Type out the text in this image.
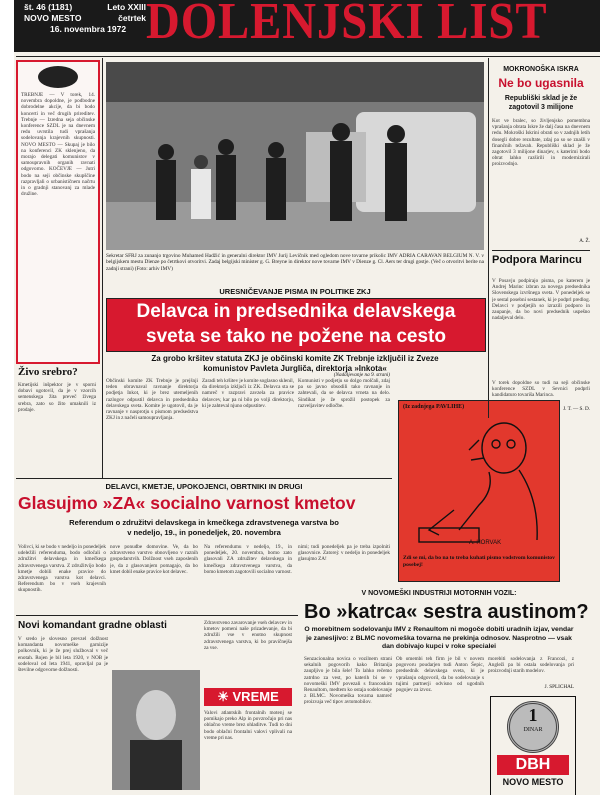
št. 46 (1181)	Leto XXIII
NOVO MESTO	četrtek
16. novembra 1972 DOLENJSKI LIST
TREBNJE — V torek, 14. novembra dopoldne, je podbodne dobrodelne akcije, da bi bodo koncerti in več drugih prireditev. Trebnje — Izredna seja občinske konference SZDL je na dnevnem redu uvrstila tudi vprašanja sodelovanja krajevnih skupnosti. NOVO MESTO — Skupaj je bilo na konferenci ZK sklenjeno, da morajo delegati komunistov v samoupravnih organih ravnati odgovorno. KOČEVJE — Jutri bodo na seji občinske skupščine razpravljali o urbanističnem načrtu in o gradnji stanovanj za mlade družine.
Živo srebro?
Kmetijski inšpektor je v sporni dobavi ugotovil, da je v vzorcih semenskega žita preveč živega srebra, zato so žito umaknili iz prodaje.
Sekretar SFRJ za zunanjo trgovino Muhamed Hadžić in generalni direktor IMV Jurij Levičnik med ogledom nove tovarne prikolic IMV ADRIA CARAVAN BELGIUM N. V. v belgijskem mestu Dienze po četrtkovi otvoritvi. Zadaj belgijski minister g. G. Breyne in direktor nove tovarne IMV v Dienze g. Cl. Aers ter drugi gostje. (Več o otvoritvi berite na zadnji strani) (Foto: arhiv IMV)
URESNIČEVANJE PISMA IN POLITIKE ZKJ
Delavca in predsednika delavskega
sveta se tako ne požene na cesto
Za grobo kršitev statuta ZKJ je občinski komite ZK Trebnje izključil iz Zveze
komunistov Pavleta Jurgliča, direktorja »Inkota«
Občinski komite ZK Trebnje je prejšnji teden obravnaval ravnanje direktorja podjetja Inkot, ki je brez utemeljenih razlogov odpustil delavca in predsednika delavskega sveta. Komite je ugotovil, da je ravnanje v nasprotju s pismom predsedstva ZKJ in z načeli samoupravljanja.
Zaradi teh kršitev je komite soglasno sklenil, da direktorja izključi iz ZK. Delavca sta se namreč v razpravi zavzela za pravice delavcev, kar pa ni bilo po volji direktorju, ki je zahteval njuno odpustitev.
Komunisti v podjetju so dolgo molčali, zdaj pa so javno obsodili tako ravnanje in zahtevali, da se delavca vrneta na delo. Sindikat je že sprožil postopek za razveljavitev odločbe.
(Nadaljevanje na 9. strani)
(Iz zadnjega PAVLIHE)
A. HORVAK
Zdi se mi, da bo na to treba kuhati pismo vodstvom komunistov posebej!
DELAVCI, KMETJE, UPOKOJENCI, OBRTNIKI IN DRUGI
Glasujmo »ZA« socialno varnost kmetov
Referendum o združitvi delavskega in kmečkega zdravstvenega varstva bo
v nedeljo, 19., in ponedeljek, 20. novembra
Volivci, ki se bodo v nedeljo in ponedeljek udeležili referenduma, bodo odločali o združitvi delavskega in kmečkega zdravstvenega varstva. Z združitvijo bodo kmetje dobili enake pravice do zdravstvenega varstva kot delavci. Referendum bo v vseh krajevnih skupnostih.
nove ponudbe domovine. Ve, da bo zdravstveno varstvo obnovljeno v raznih gospodarstvih. Dolžnost vseh zaposlenih je, da z glasovanjem pomagajo, da bo kmet dobil enake pravice kot delavec.
Na referendumu v nedeljo, 19., in ponedeljek, 20. novembra, bomo zato glasovali ZA združitev delavskega in kmečkega zdravstvenega varstva, da bomo kmetom zagotovili socialno varnost.
nimi; tudi ponedeljek pa je treba izpolniti glasovnice. Zatorej: v nedeljo in ponedeljek glasujmo ZA!
Novi komandant gradne oblasti
V sredo je slovesno prevzel dolžnost komandanta novomeške garnizije polkovnik, ki je že prej služboval v več enotah. Rojen je bil leta 1920, v NOB je sodeloval od leta 1941, opravljal pa je številne odgovorne dolžnosti.
Zdravstveno zavarovanje vseh delavcev in kmetov pomeni naše prizadevanje, da bi združili vse v enotno skupnost zdravstvenega varstva, ki bo pravičnejša za vse.
☀ VREME
Valovi atlantskih frontalnih motenj se pomikajo preko Alp in povzročajo pri nas oblačno vreme brez ohladitve. Tudi to dni bodo oblačni frontalni valovi vplivali na vreme pri nas.
V NOVOMEŠKI INDUSTRIJI MOTORNIH VOZIL:
Bo »katrca« sestra austinom?
O morebitnem sodelovanju IMV z Renaultom ni mogoče dobiti uradnih izjav, vendar je zanesljivo: z BLMC novomeška tovarna ne prekinja odnosov. Nasprotno — vsak dan dobivajo kupci v roke specialei
Senzacionalna novica o vozilnem strani sekalnih pogovorih kako Britanija zaupljivo je bila šele! To lahko rečemo zatrdno za vest, po katerih bi se v novomeški IMV povezali s francoskim Renaultom, medtem ko ostaja sodelovanje z BLMC. Novomeška tovarna namreč proizvaja več tipov avtomobilov.
Ob omembi teh firm je bil v novem pogovoru poudarjen tudi Anton Šepic, predsednik delavskega sveta, ki je vprašanju odgovoril, da bo sodelovanje s tujimi partnerji odvisno od ugodnih pogojev za izvoz.
morebiti sodelovanja z Francozi, z Angleži pa bi ostala sodelovanja pri proizvodnji starih modelov.
J. SPLICHAL
1
DINAR
DBH
NOVO MESTO
MOKRONOŠKA ISKRA
Ne bo ugasnila
Republiški sklad je že zagotovil 3 milijone
Kot ve bralec, so življenjsko pomembna vprašanja obrata Iskre že dalj časa na dnevnem redu. Mokroški Iskrini obrati so v zadnjih letih dosegli dobre rezultate, zdaj pa so se znašli v finančnih težavah. Republiški sklad je že zagotovil 3 milijone dinarjev, s katerimi bodo obrat lahko razširili in modernizirali proizvodnjo.
A. Ž.
Podpora Marincu
V Posavju podpirajo pisma, po katerem je Andrej Marinc izbran za novega predsednika Slovenskega izvršnega sveta. V ponedeljek se je sestal posebni sestanek, ki je podprl predlog. Delavci v podjetjih so izrazili podporo in zaupanje, da bo novi predsednik uspešno nadaljeval delo.
V torek dopoldne so tudi na seji občinske konference SZDL v Sevnici podprli kandidaturo tovariša Marinca.
J. T. — S. D.
